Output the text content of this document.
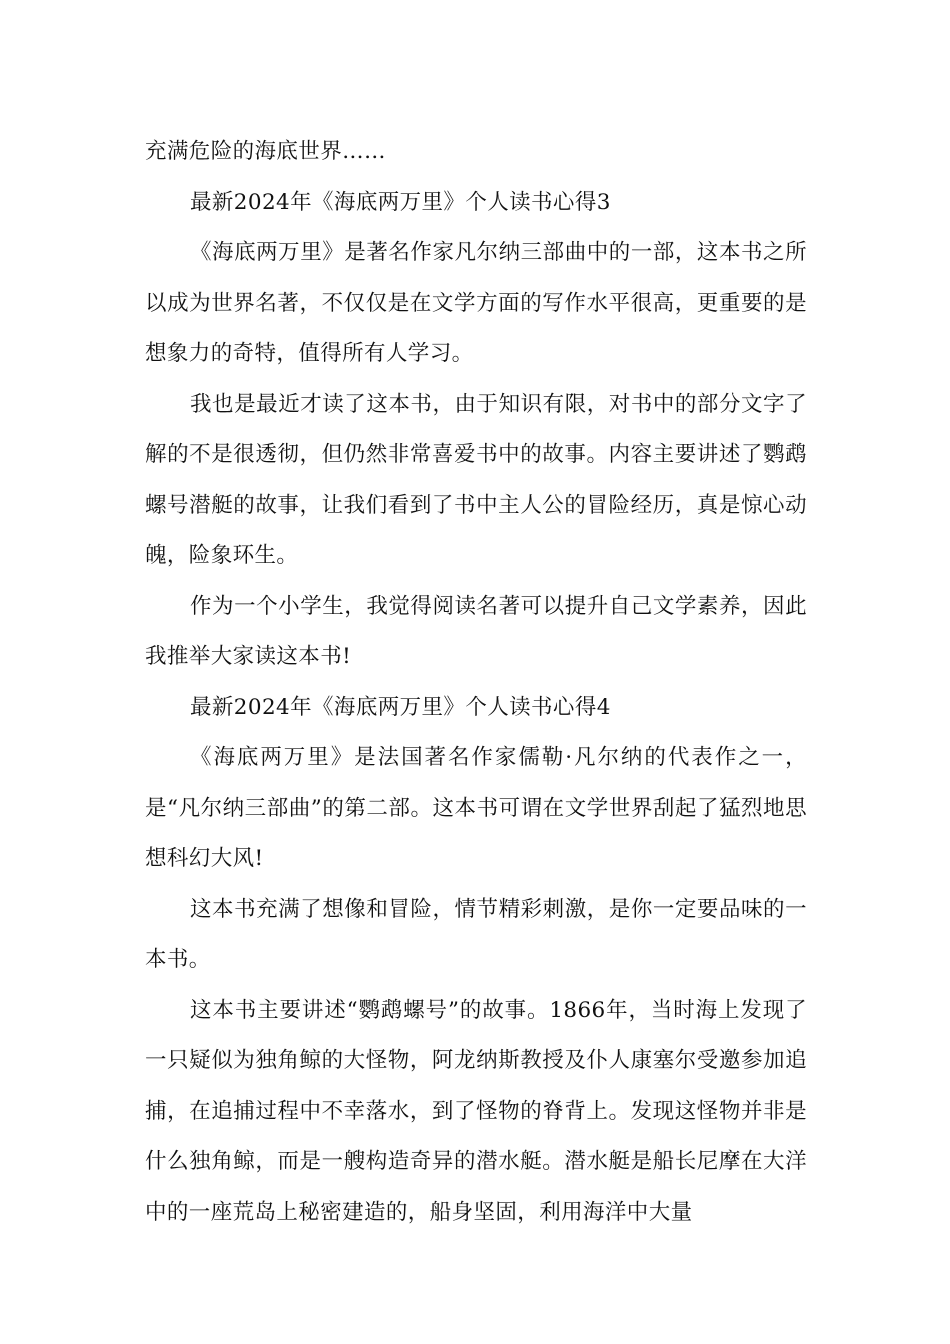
充满危险的海底世界……

最新2024年《海底两万里》个人读书心得3

《海底两万里》是著名作家凡尔纳三部曲中的一部，这本书之所以成为世界名著，不仅仅是在文学方面的写作水平很高，更重要的是想象力的奇特，值得所有人学习。

我也是最近才读了这本书，由于知识有限，对书中的部分文字了解的不是很透彻，但仍然非常喜爱书中的故事。内容主要讲述了鹦鹉螺号潜艇的故事，让我们看到了书中主人公的冒险经历，真是惊心动魄，险象环生。

作为一个小学生，我觉得阅读名著可以提升自己文学素养，因此我推举大家读这本书!

最新2024年《海底两万里》个人读书心得4

《海底两万里》是法国著名作家儒勒·凡尔纳的代表作之一，是“凡尔纳三部曲”的第二部。这本书可谓在文学世界刮起了猛烈地思想科幻大风!

这本书充满了想像和冒险，情节精彩刺激，是你一定要品味的一本书。

这本书主要讲述“鹦鹉螺号”的故事。1866年，当时海上发现了一只疑似为独角鲸的大怪物，阿龙纳斯教授及仆人康塞尔受邀参加追捕，在追捕过程中不幸落水，到了怪物的脊背上。发现这怪物并非是什么独角鲸，而是一艘构造奇异的潜水艇。潜水艇是船长尼摩在大洋中的一座荒岛上秘密建造的，船身坚固，利用海洋中大量
